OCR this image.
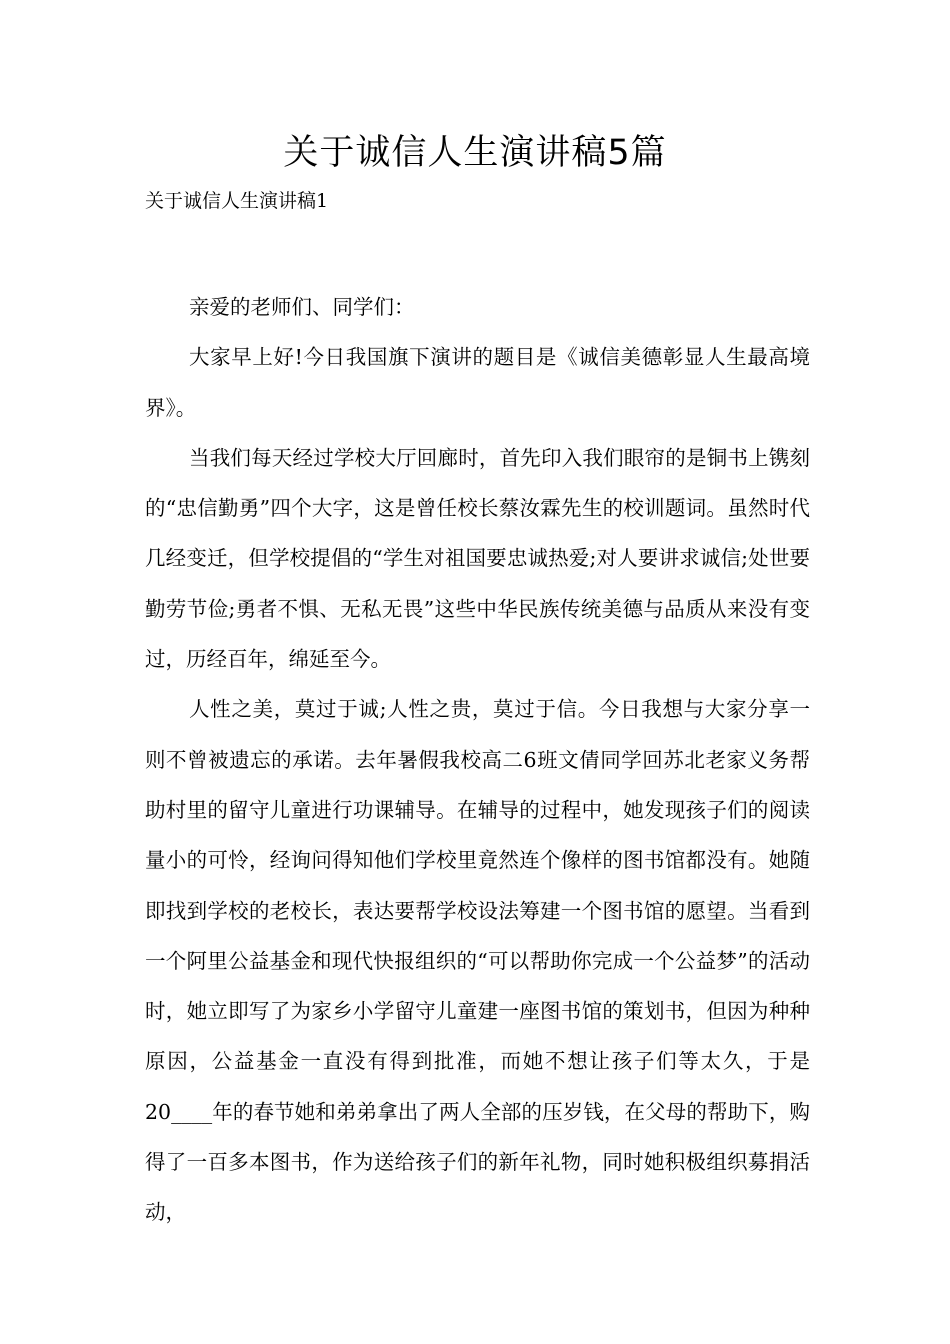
关于诚信人生演讲稿5篇
关于诚信人生演讲稿1

亲爱的老师们、同学们：

大家早上好!今日我国旗下演讲的题目是《诚信美德彰显人生最高境界》。

当我们每天经过学校大厅回廊时，首先印入我们眼帘的是铜书上镌刻的“忠信勤勇”四个大字，这是曾任校长蔡汝霖先生的校训题词。虽然时代几经变迁，但学校提倡的“学生对祖国要忠诚热爱;对人要讲求诚信;处世要勤劳节俭;勇者不惧、无私无畏”这些中华民族传统美德与品质从来没有变过，历经百年，绵延至今。

人性之美，莫过于诚;人性之贵，莫过于信。今日我想与大家分享一则不曾被遗忘的承诺。去年暑假我校高二6班文倩同学回苏北老家义务帮助村里的留守儿童进行功课辅导。在辅导的过程中，她发现孩子们的阅读量小的可怜，经询问得知他们学校里竟然连个像样的图书馆都没有。她随即找到学校的老校长，表达要帮学校设法筹建一个图书馆的愿望。当看到一个阿里公益基金和现代快报组织的“可以帮助你完成一个公益梦”的活动时，她立即写了为家乡小学留守儿童建一座图书馆的策划书，但因为种种原因，公益基金一直没有得到批准，而她不想让孩子们等太久，于是20____年的春节她和弟弟拿出了两人全部的压岁钱，在父母的帮助下，购得了一百多本图书，作为送给孩子们的新年礼物，同时她积极组织募捐活动，
